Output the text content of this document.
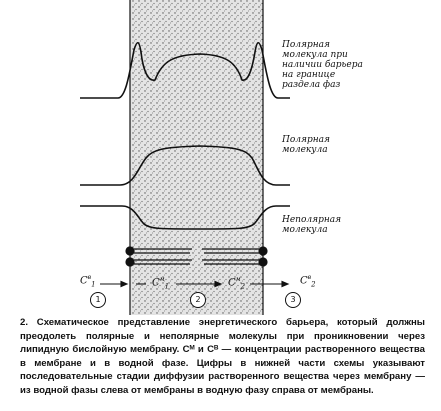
Полярная молекула при наличии барьера на границе раздела фаз
Полярная молекула
Неполярная молекула
$C^в_1$	$C^м_1$	$C^м_2$	$C^в_2$
1	2	3
2. Схематическое представление энергетического барьера, который должны преодолеть полярные и неполярные молекулы при проникновении через липидную бислойную мембрану. Cᴹ и Cᴮ — концентрации растворенного вещества в мембране и в водной фазе. Цифры в нижней части схемы указывают последовательные стадии диффузии растворенного вещества через мембрану — из водной фазы слева от мембраны в водную фазу справа от мембраны.
